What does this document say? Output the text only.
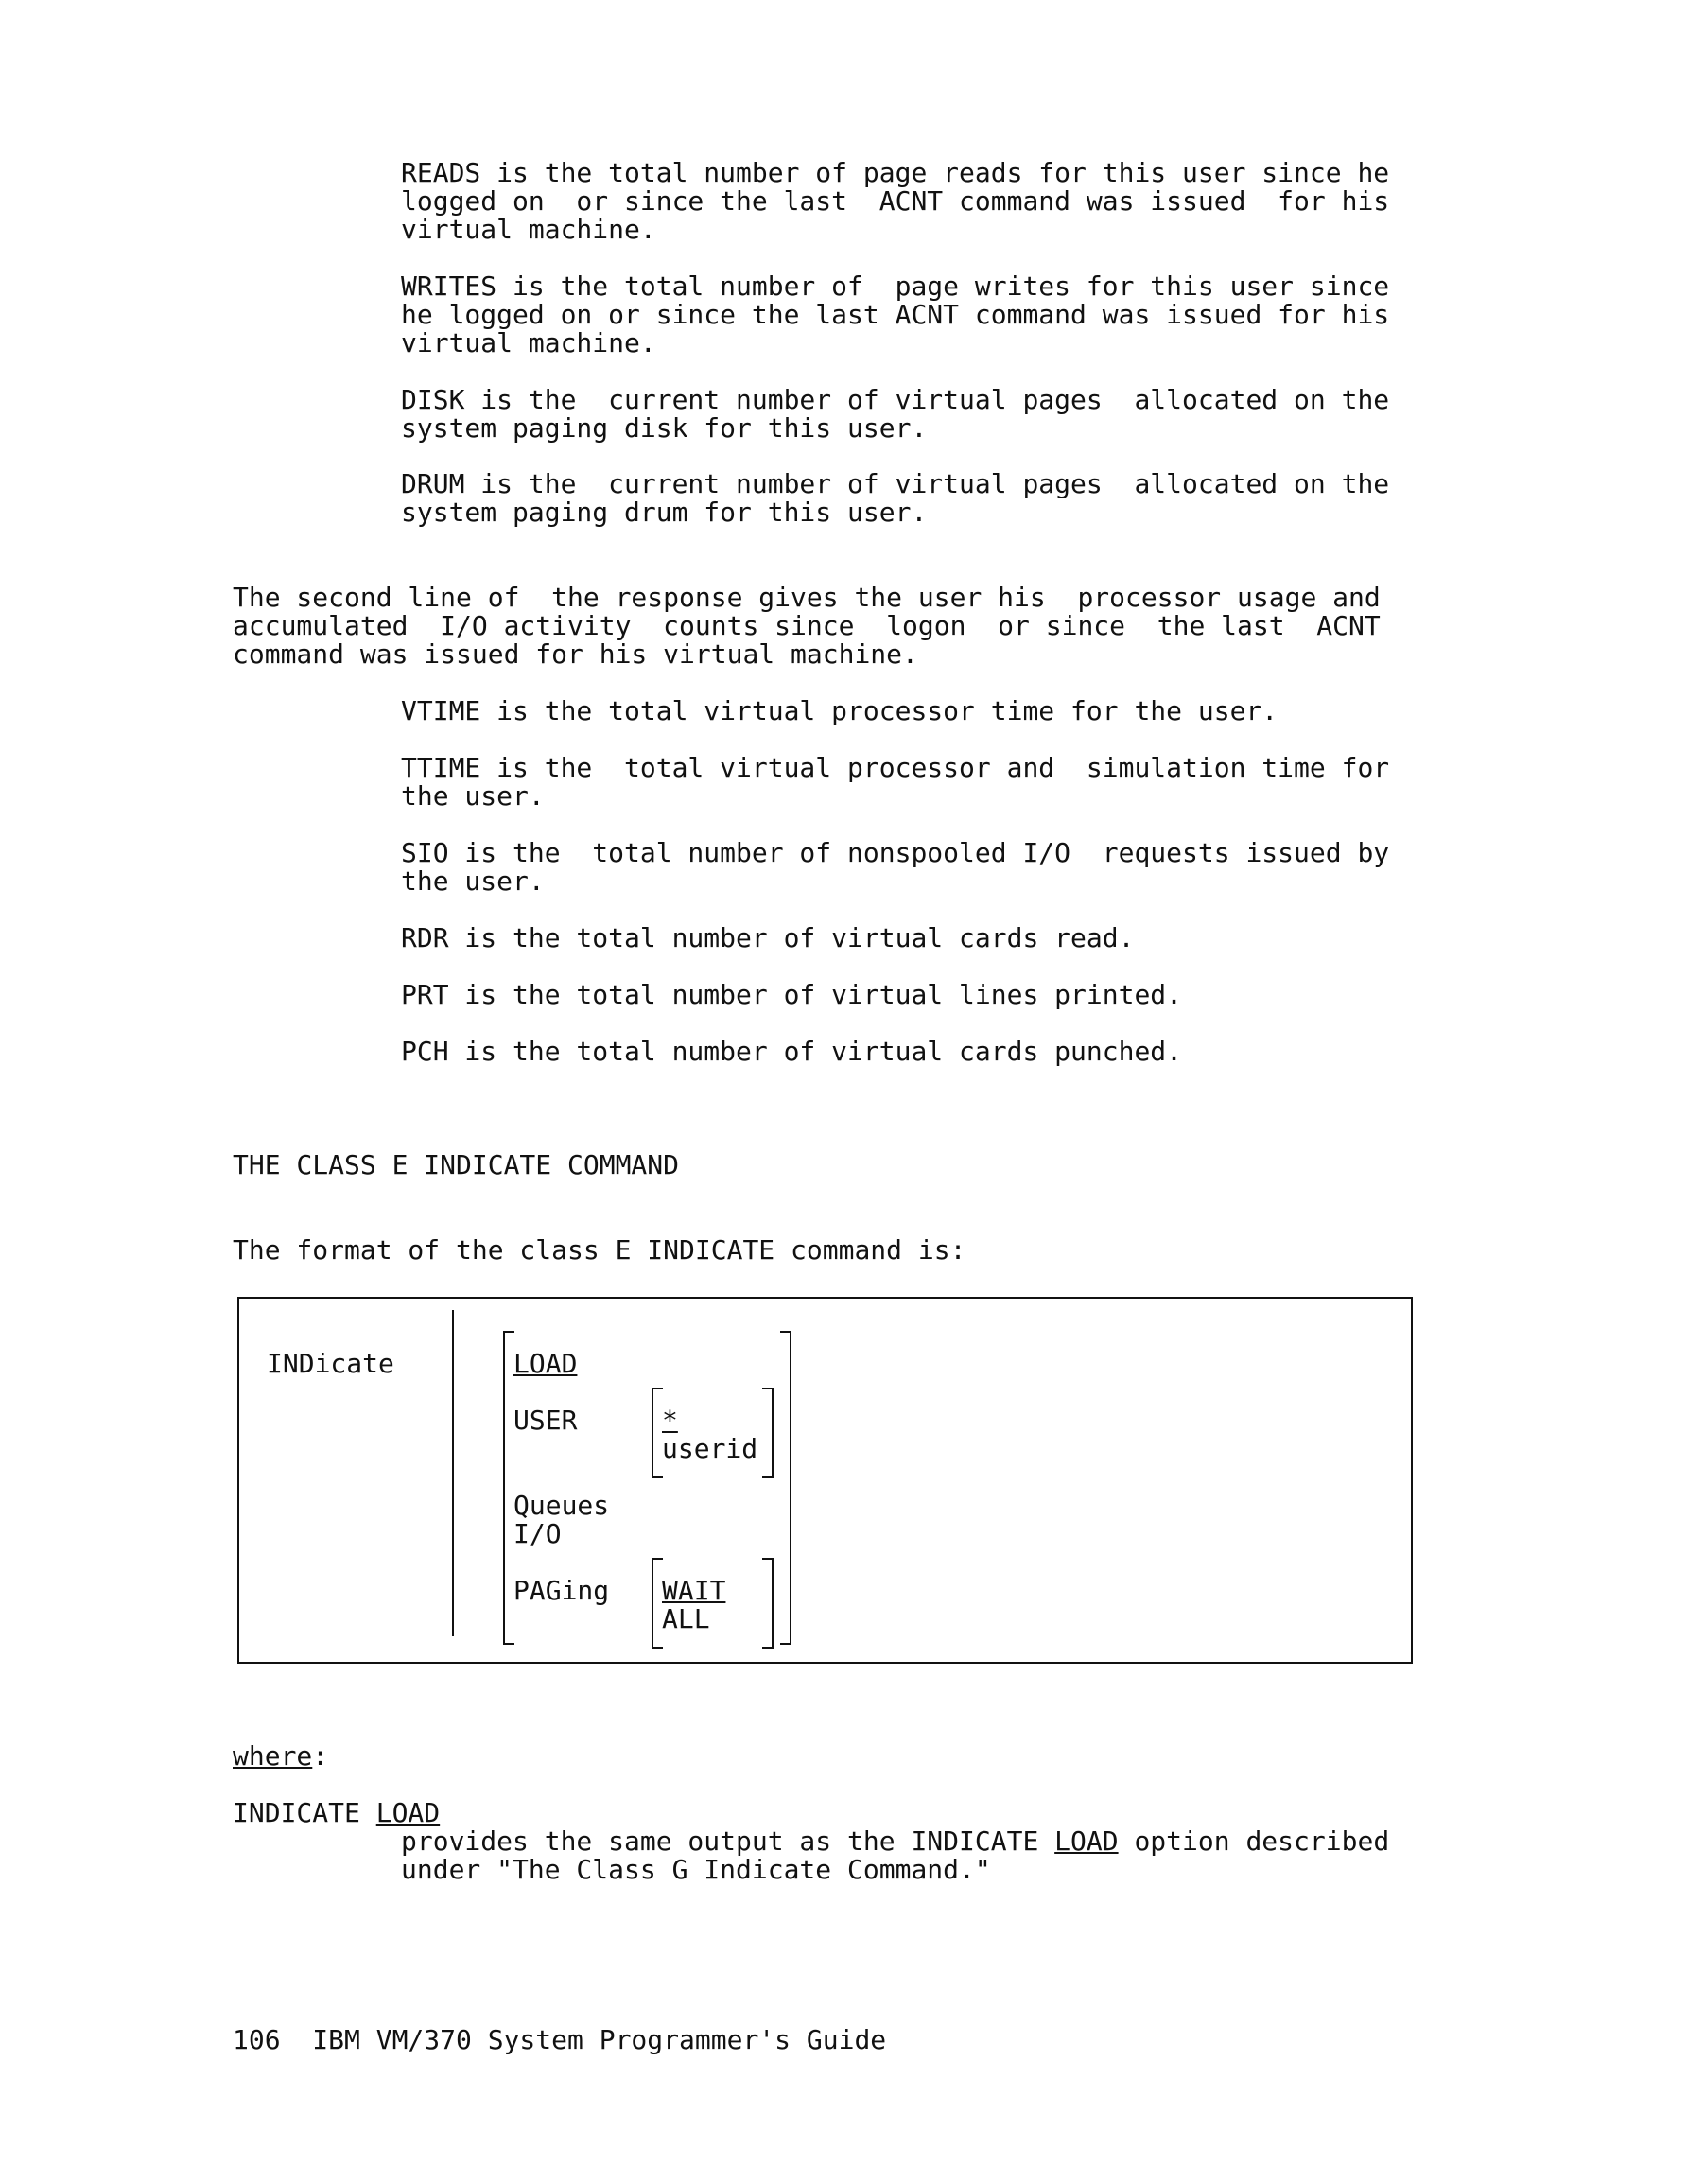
READS is the total number of page reads for this user since he
logged on  or since the last  ACNT command was issued  for his
virtual machine.
WRITES is the total number of  page writes for this user since
he logged on or since the last ACNT command was issued for his
virtual machine.
DISK is the  current number of virtual pages  allocated on the
system paging disk for this user.
DRUM is the  current number of virtual pages  allocated on the
system paging drum for this user.
The second line of  the response gives the user his  processor usage and
accumulated  I/O activity  counts since  logon  or since  the last  ACNT
command was issued for his virtual machine.
VTIME is the total virtual processor time for the user.
TTIME is the  total virtual processor and  simulation time for
the user.
SIO is the  total number of nonspooled I/O  requests issued by
the user.
RDR is the total number of virtual cards read.
PRT is the total number of virtual lines printed.
PCH is the total number of virtual cards punched.
THE CLASS E INDICATE COMMAND
The format of the class E INDICATE command is:
INDicate	LOAD
USER
Queues
I/O
PAGing
*
userid
WAIT
ALL
where:
INDICATE LOAD
provides the same output as the INDICATE LOAD option described
under "The Class G Indicate Command."
106  IBM VM/370 System Programmer's Guide
